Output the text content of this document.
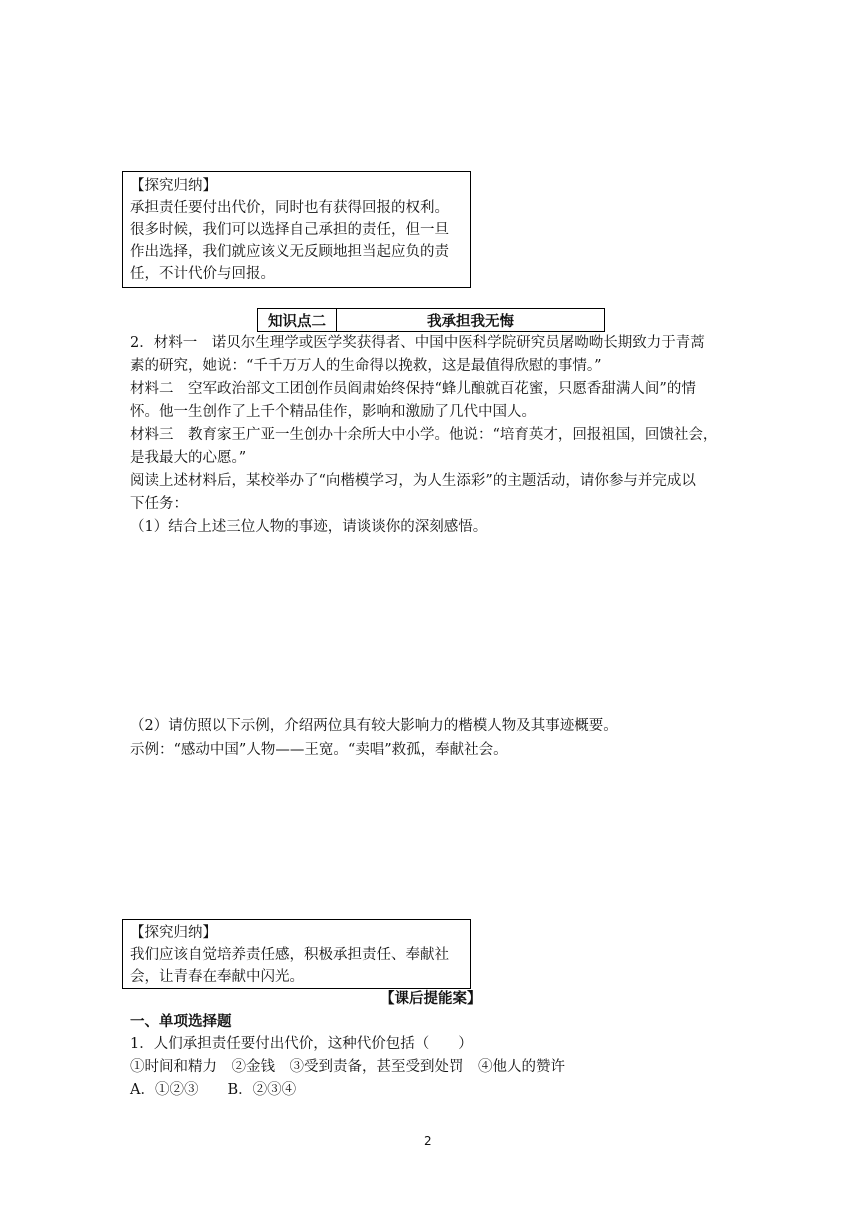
【探究归纳】
承担责任要付出代价，同时也有获得回报的权利。
很多时候，我们可以选择自己承担的责任，但一旦
作出选择，我们就应该义无反顾地担当起应负的责
任，不计代价与回报。
知识点二	我承担我无悔
2．材料一　诺贝尔生理学或医学奖获得者、中国中医科学院研究员屠呦呦长期致力于青蒿
素的研究，她说：“千千万万人的生命得以挽救，这是最值得欣慰的事情。”
材料二　空军政治部文工团创作员阎肃始终保持“蜂儿酿就百花蜜，只愿香甜满人间”的情
怀。他一生创作了上千个精品佳作，影响和激励了几代中国人。
材料三　教育家王广亚一生创办十余所大中小学。他说：“培育英才，回报祖国，回馈社会，
是我最大的心愿。”
阅读上述材料后，某校举办了“向楷模学习，为人生添彩”的主题活动，请你参与并完成以
下任务：
（1）结合上述三位人物的事迹，请谈谈你的深刻感悟。
（2）请仿照以下示例，介绍两位具有较大影响力的楷模人物及其事迹概要。
示例：“感动中国”人物——王宽。“卖唱”救孤，奉献社会。
【探究归纳】
我们应该自觉培养责任感，积极承担责任、奉献社
会，让青春在奉献中闪光。
【课后提能案】
一、单项选择题
1．人们承担责任要付出代价，这种代价包括（　　）
①时间和精力　②金钱　③受到责备，甚至受到处罚　④他人的赞许
A．①②③　　B．②③④
2
